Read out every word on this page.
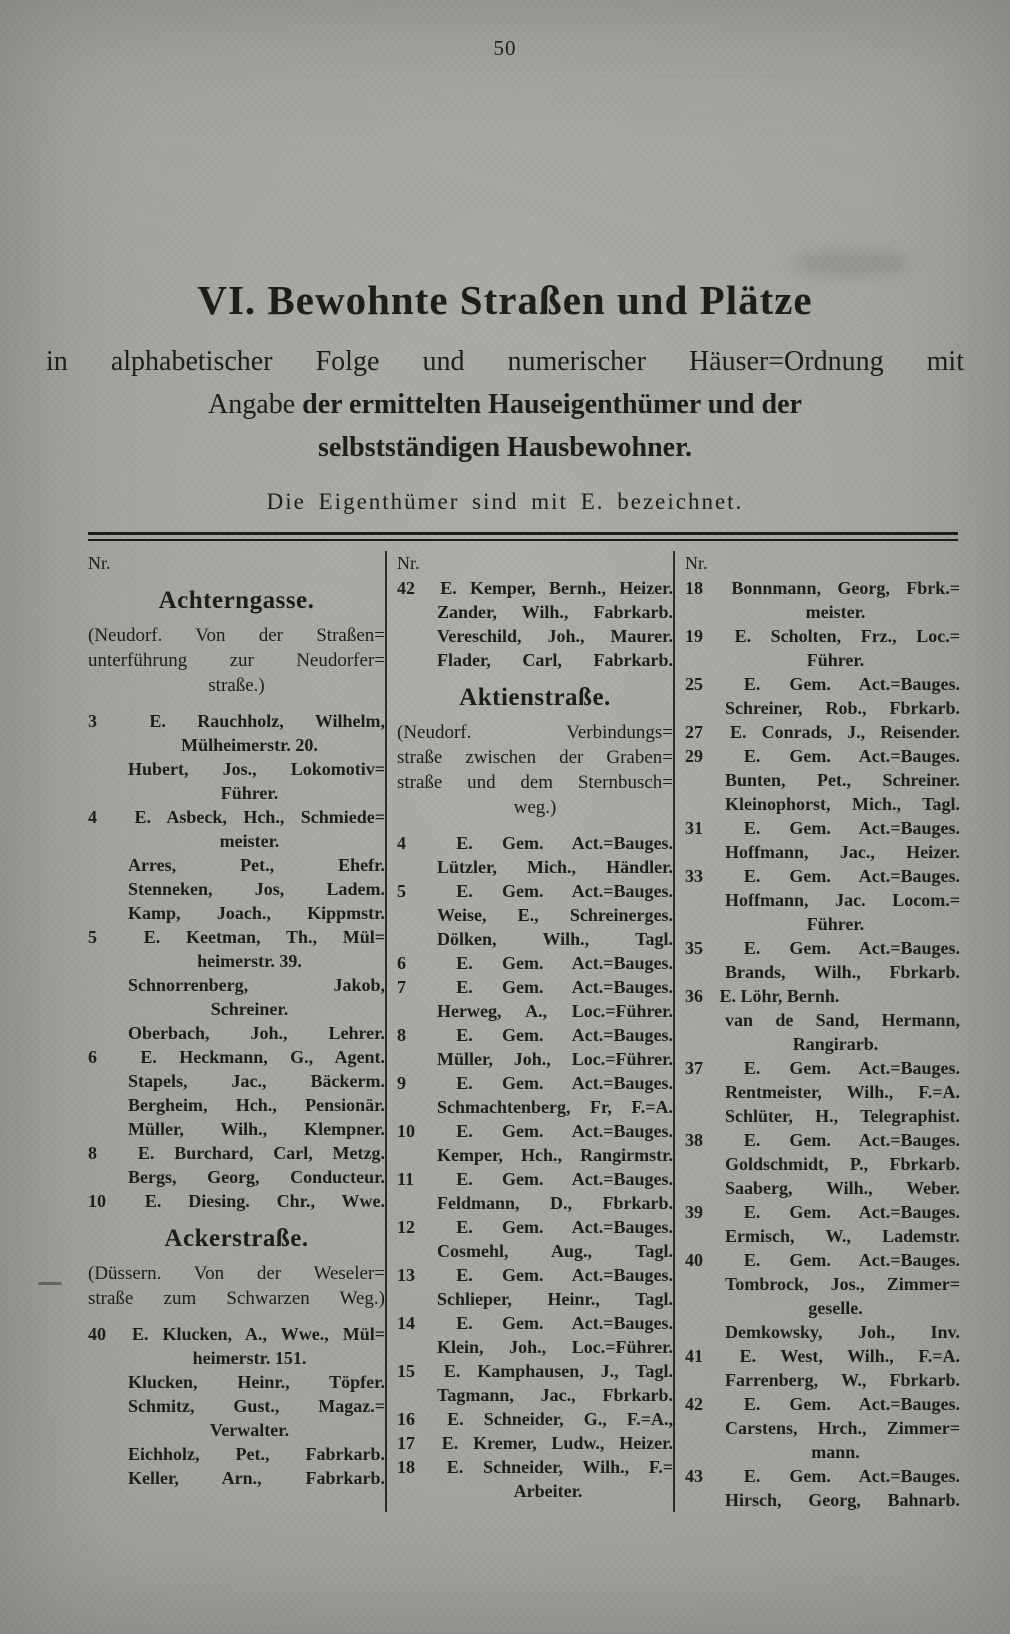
50
VI. Bewohnte Straßen und Plätze
in alphabetischer Folge und numerischer Häuser=Ordnung mit
Angabe der ermittelten Hauseigenthümer und der
selbstständigen Hausbewohner.
Die Eigenthümer sind mit E. bezeichnet.
Nr.
Achterngasse.
(Neudorf. Von der Straßen=
unterführung zur Neudorfer=
straße.)
3	E. Rauchholz, Wilhelm,
Mülheimerstr. 20.
Hubert, Jos., Lokomotiv=
Führer.
4 E. Asbeck, Hch., Schmiede=
meister.
Arres, Pet., Ehefr.
Stenneken, Jos, Ladem.
Kamp, Joach., Kippmstr.
5	E. Keetman, Th., Mül=
heimerstr. 39.
Schnorrenberg, Jakob,
Schreiner.
Oberbach, Joh., Lehrer.
6 E. Heckmann, G., Agent.
Stapels, Jac., Bäckerm.
Bergheim, Hch., Pensionär.
Müller, Wilh., Klempner.
8 E. Burchard, Carl, Metzg.
Bergs, Georg, Conducteur.
10 E. Diesing. Chr., Wwe.
Ackerstraße.
(Düssern. Von der Weseler=
straße zum Schwarzen Weg.)
40 E. Klucken, A., Wwe., Mül=
heimerstr. 151.
Klucken, Heinr., Töpfer.
Schmitz, Gust., Magaz.=
Verwalter.
Eichholz, Pet., Fabrkarb.
Keller, Arn., Fabrkarb.
Nr.
42 E. Kemper, Bernh., Heizer.
Zander, Wilh., Fabrkarb.
Vereschild, Joh., Maurer.
Flader, Carl, Fabrkarb.
Aktienstraße.
(Neudorf. Verbindungs=
straße zwischen der Graben=
straße und dem Sternbusch=
weg.)
4	E. Gem. Act.=Bauges.
Lützler, Mich., Händler.
5	E. Gem. Act.=Bauges.
Weise, E., Schreinerges.
Dölken, Wilh., Tagl.
6	E. Gem. Act.=Bauges.
7	E. Gem. Act.=Bauges.
Herweg, A., Loc.=Führer.
8	E. Gem. Act.=Bauges.
Müller, Joh., Loc.=Führer.
9	E. Gem. Act.=Bauges.
Schmachtenberg, Fr, F.=A.
10 E. Gem. Act.=Bauges.
Kemper, Hch., Rangirmstr.
11 E. Gem. Act.=Bauges.
Feldmann, D., Fbrkarb.
12 E. Gem. Act.=Bauges.
Cosmehl, Aug., Tagl.
13 E. Gem. Act.=Bauges.
Schlieper, Heinr., Tagl.
14 E. Gem. Act.=Bauges.
Klein, Joh., Loc.=Führer.
15 E. Kamphausen, J., Tagl.
Tagmann, Jac., Fbrkarb.
16 E. Schneider, G., F.=A.,
17 E. Kremer, Ludw., Heizer.
18 E. Schneider, Wilh., F.=
Arbeiter.
Nr.
18 Bonnmann, Georg, Fbrk.=
meister.
19 E. Scholten, Frz., Loc.=
Führer.
25 E. Gem. Act.=Bauges.
Schreiner, Rob., Fbrkarb.
27 E. Conrads, J., Reisender.
29 E. Gem. Act.=Bauges.
Bunten, Pet., Schreiner.
Kleinophorst, Mich., Tagl.
31 E. Gem. Act.=Bauges.
Hoffmann, Jac., Heizer.
33 E. Gem. Act.=Bauges.
Hoffmann, Jac. Locom.=
Führer.
35 E. Gem. Act.=Bauges.
Brands, Wilh., Fbrkarb.
36 E. Löhr, Bernh.
van de Sand, Hermann,
Rangirarb.
37 E. Gem. Act.=Bauges.
Rentmeister, Wilh., F.=A.
Schlüter, H., Telegraphist.
38 E. Gem. Act.=Bauges.
Goldschmidt, P., Fbrkarb.
Saaberg, Wilh., Weber.
39 E. Gem. Act.=Bauges.
Ermisch, W., Lademstr.
40 E. Gem. Act.=Bauges.
Tombrock, Jos., Zimmer=
geselle.
Demkowsky, Joh., Inv.
41 E. West, Wilh., F.=A.
Farrenberg, W., Fbrkarb.
42 E. Gem. Act.=Bauges.
Carstens, Hrch., Zimmer=
mann.
43 E. Gem. Act.=Bauges.
Hirsch, Georg, Bahnarb.
